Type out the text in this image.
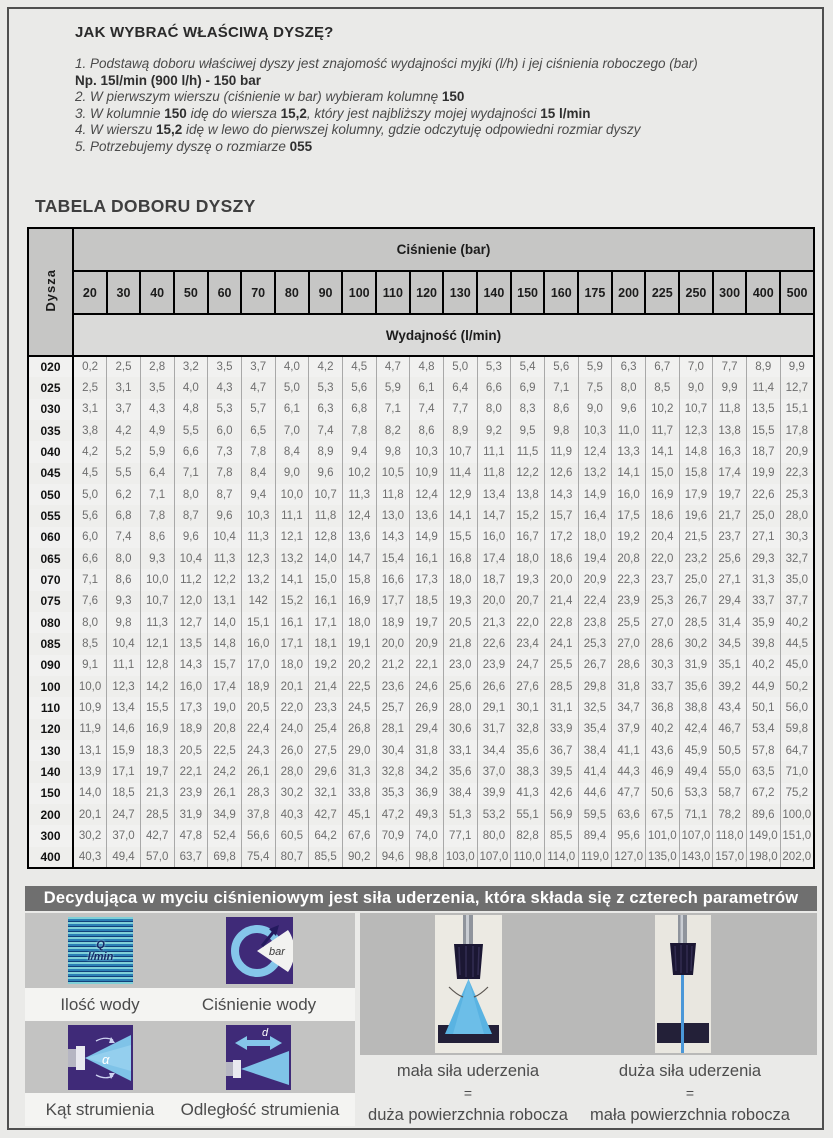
JAK WYBRAĆ WŁAŚCIWĄ DYSZĘ?
1. Podstawą doboru właściwej dyszy jest znajomość wydajności myjki (l/h) i jej ciśnienia roboczego (bar)
Np. 15l/min (900 l/h) - 150 bar
2. W pierwszym wierszu (ciśnienie w bar) wybieram kolumnę 150
3. W kolumnie 150 idę do wiersza 15,2, który jest najbliższy mojej wydajności 15 l/min
4. W wierszu 15,2 idę w lewo do pierwszej kolumny, gdzie odczytuję odpowiedni rozmiar dyszy
5. Potrzebujemy dyszę o rozmiarze 055
TABELA DOBORU DYSZY
Dysza	Ciśnienie (bar)																					
	20	30	40	50	60	70	80	90	100	110	120	130	140	150	160	175	200	225	250	300	400	500
	Wydajność (l/min)																					
020	0,2	2,5	2,8	3,2	3,5	3,7	4,0	4,2	4,5	4,7	4,8	5,0	5,3	5,4	5,6	5,9	6,3	6,7	7,0	7,7	8,9	9,9
025	2,5	3,1	3,5	4,0	4,3	4,7	5,0	5,3	5,6	5,9	6,1	6,4	6,6	6,9	7,1	7,5	8,0	8,5	9,0	9,9	11,4	12,7
030	3,1	3,7	4,3	4,8	5,3	5,7	6,1	6,3	6,8	7,1	7,4	7,7	8,0	8,3	8,6	9,0	9,6	10,2	10,7	11,8	13,5	15,1
035	3,8	4,2	4,9	5,5	6,0	6,5	7,0	7,4	7,8	8,2	8,6	8,9	9,2	9,5	9,8	10,3	11,0	11,7	12,3	13,8	15,5	17,8
040	4,2	5,2	5,9	6,6	7,3	7,8	8,4	8,9	9,4	9,8	10,3	10,7	11,1	11,5	11,9	12,4	13,3	14,1	14,8	16,3	18,7	20,9
045	4,5	5,5	6,4	7,1	7,8	8,4	9,0	9,6	10,2	10,5	10,9	11,4	11,8	12,2	12,6	13,2	14,1	15,0	15,8	17,4	19,9	22,3
050	5,0	6,2	7,1	8,0	8,7	9,4	10,0	10,7	11,3	11,8	12,4	12,9	13,4	13,8	14,3	14,9	16,0	16,9	17,9	19,7	22,6	25,3
055	5,6	6,8	7,8	8,7	9,6	10,3	11,1	11,8	12,4	13,0	13,6	14,1	14,7	15,2	15,7	16,4	17,5	18,6	19,6	21,7	25,0	28,0
060	6,0	7,4	8,6	9,6	10,4	11,3	12,1	12,8	13,6	14,3	14,9	15,5	16,0	16,7	17,2	18,0	19,2	20,4	21,5	23,7	27,1	30,3
065	6,6	8,0	9,3	10,4	11,3	12,3	13,2	14,0	14,7	15,4	16,1	16,8	17,4	18,0	18,6	19,4	20,8	22,0	23,2	25,6	29,3	32,7
070	7,1	8,6	10,0	11,2	12,2	13,2	14,1	15,0	15,8	16,6	17,3	18,0	18,7	19,3	20,0	20,9	22,3	23,7	25,0	27,1	31,3	35,0
075	7,6	9,3	10,7	12,0	13,1	142	15,2	16,1	16,9	17,7	18,5	19,3	20,0	20,7	21,4	22,4	23,9	25,3	26,7	29,4	33,7	37,7
080	8,0	9,8	11,3	12,7	14,0	15,1	16,1	17,1	18,0	18,9	19,7	20,5	21,3	22,0	22,8	23,8	25,5	27,0	28,5	31,4	35,9	40,2
085	8,5	10,4	12,1	13,5	14,8	16,0	17,1	18,1	19,1	20,0	20,9	21,8	22,6	23,4	24,1	25,3	27,0	28,6	30,2	34,5	39,8	44,5
090	9,1	11,1	12,8	14,3	15,7	17,0	18,0	19,2	20,2	21,2	22,1	23,0	23,9	24,7	25,5	26,7	28,6	30,3	31,9	35,1	40,2	45,0
100	10,0	12,3	14,2	16,0	17,4	18,9	20,1	21,4	22,5	23,6	24,6	25,6	26,6	27,6	28,5	29,8	31,8	33,7	35,6	39,2	44,9	50,2
110	10,9	13,4	15,5	17,3	19,0	20,5	22,0	23,3	24,5	25,7	26,9	28,0	29,1	30,1	31,1	32,5	34,7	36,8	38,8	43,4	50,1	56,0
120	11,9	14,6	16,9	18,9	20,8	22,4	24,0	25,4	26,8	28,1	29,4	30,6	31,7	32,8	33,9	35,4	37,9	40,2	42,4	46,7	53,4	59,8
130	13,1	15,9	18,3	20,5	22,5	24,3	26,0	27,5	29,0	30,4	31,8	33,1	34,4	35,6	36,7	38,4	41,1	43,6	45,9	50,5	57,8	64,7
140	13,9	17,1	19,7	22,1	24,2	26,1	28,0	29,6	31,3	32,8	34,2	35,6	37,0	38,3	39,5	41,4	44,3	46,9	49,4	55,0	63,5	71,0
150	14,0	18,5	21,3	23,9	26,1	28,3	30,2	32,1	33,8	35,3	36,9	38,4	39,9	41,3	42,6	44,6	47,7	50,6	53,3	58,7	67,2	75,2
200	20,1	24,7	28,5	31,9	34,9	37,8	40,3	42,7	45,1	47,2	49,3	51,3	53,2	55,1	56,9	59,5	63,6	67,5	71,1	78,2	89,6	100,0
300	30,2	37,0	42,7	47,8	52,4	56,6	60,5	64,2	67,6	70,9	74,0	77,1	80,0	82,8	85,5	89,4	95,6	101,0	107,0	118,0	149,0	151,0
400	40,3	49,4	57,0	63,7	69,8	75,4	80,7	85,5	90,2	94,6	98,8	103,0	107,0	110,0	114,0	119,0	127,0	135,0	143,0	157,0	198,0	202,0
Decydująca w myciu ciśnieniowym jest siła uderzenia, która składa się z czterech parametrów
Q
l/min	bar
α
d
Ilość wody	Ciśnienie wody
Kąt strumienia	Odległość strumienia
mała siła uderzenia
=
duża powierzchnia robocza
duża siła uderzenia
=
mała powierzchnia robocza
